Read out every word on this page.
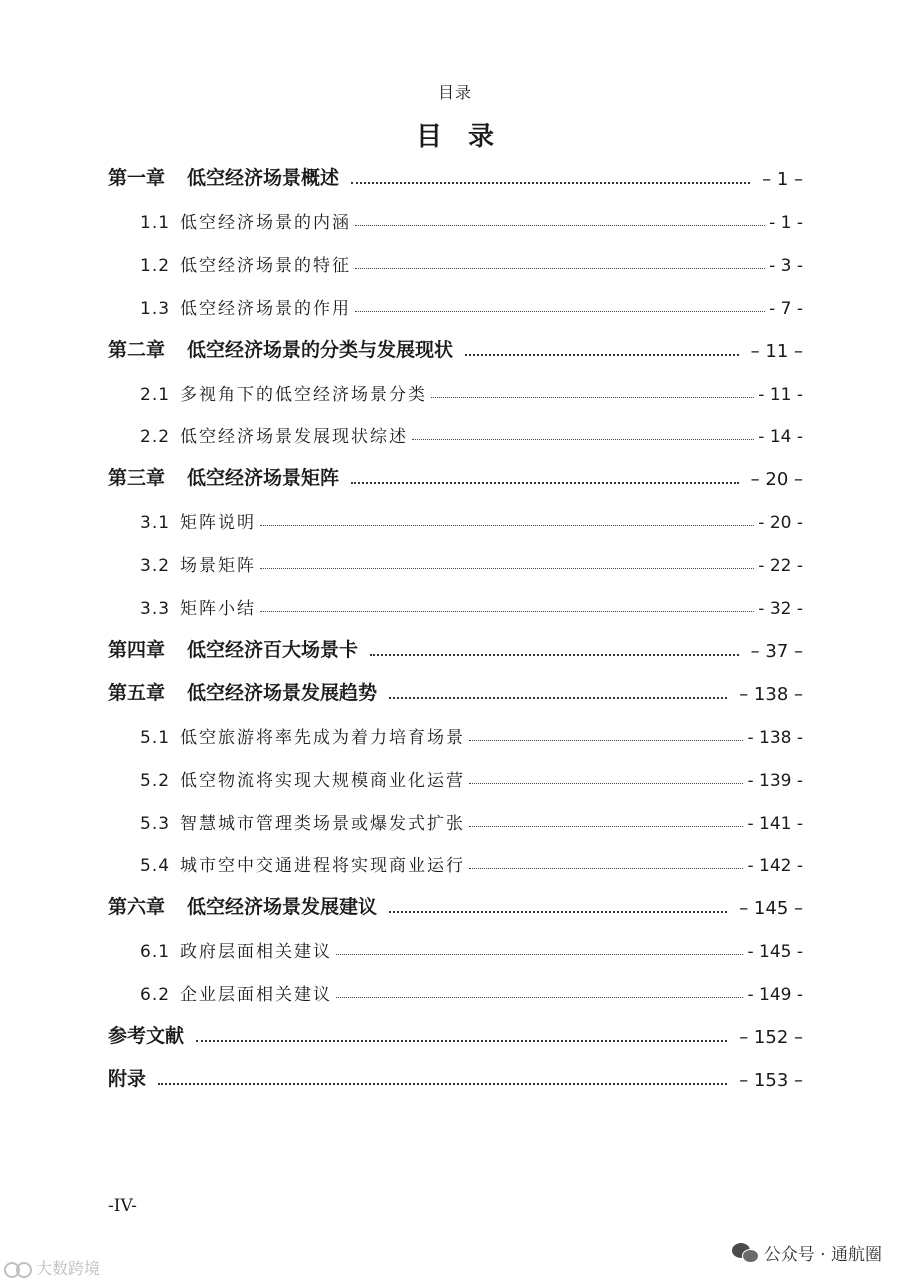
目录
目　录
第一章 低空经济场景概述	– 1 –
1.1 低空经济场景的内涵	- 1 -
1.2 低空经济场景的特征	- 3 -
1.3 低空经济场景的作用	- 7 -
第二章 低空经济场景的分类与发展现状	– 11 –
2.1 多视角下的低空经济场景分类	- 11 -
2.2 低空经济场景发展现状综述	- 14 -
第三章 低空经济场景矩阵	– 20 –
3.1 矩阵说明	- 20 -
3.2 场景矩阵	- 22 -
3.3 矩阵小结	- 32 -
第四章 低空经济百大场景卡	– 37 –
第五章 低空经济场景发展趋势	– 138 –
5.1 低空旅游将率先成为着力培育场景	- 138 -
5.2 低空物流将实现大规模商业化运营	- 139 -
5.3 智慧城市管理类场景或爆发式扩张	- 141 -
5.4 城市空中交通进程将实现商业运行	- 142 -
第六章 低空经济场景发展建议	– 145 –
6.1 政府层面相关建议	- 145 -
6.2 企业层面相关建议	- 149 -
参考文献	– 152 –
附录	– 153 –
-IV-
公众号 · 通航圈
大数跨境
